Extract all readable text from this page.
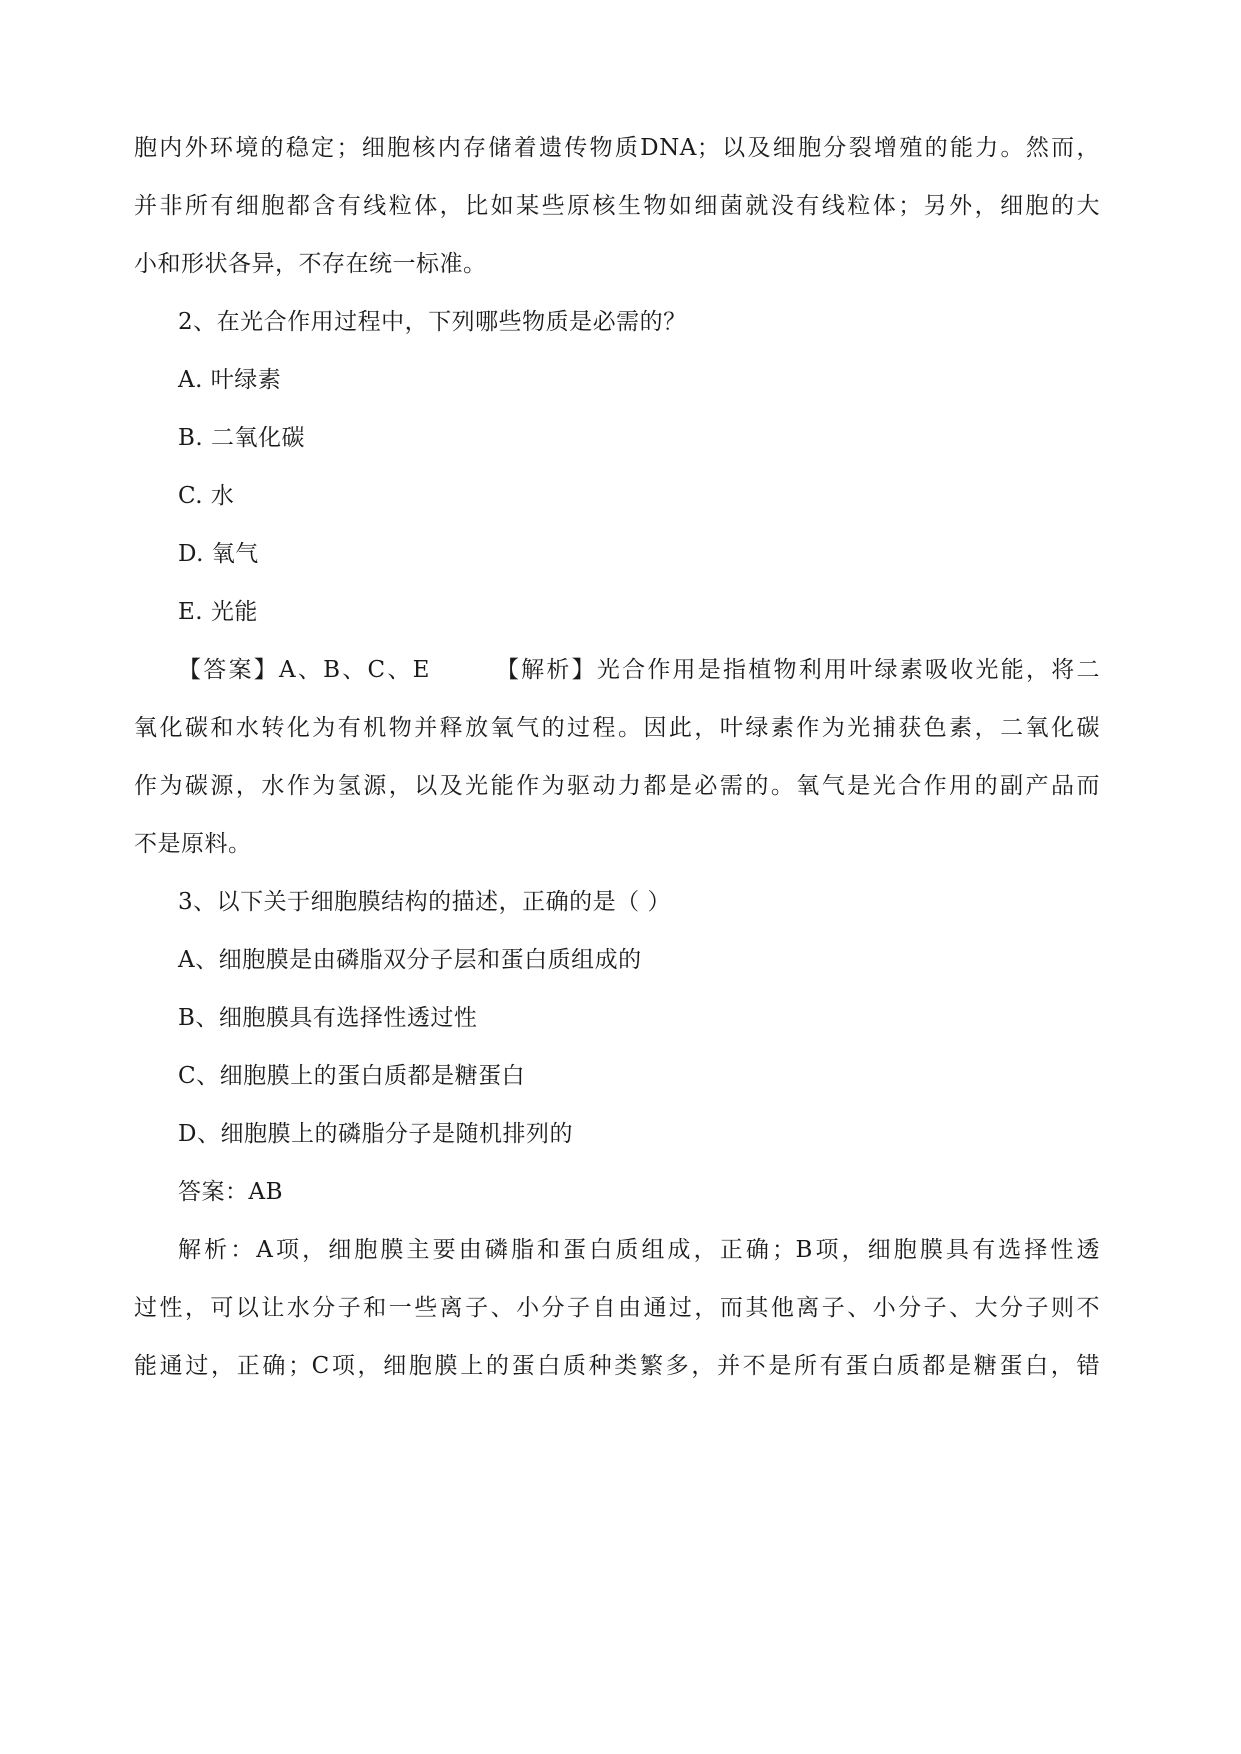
胞内外环境的稳定；细胞核内存储着遗传物质DNA；以及细胞分裂增殖的能力。然而，
并非所有细胞都含有线粒体，比如某些原核生物如细菌就没有线粒体；另外，细胞的大
小和形状各异，不存在统一标准。
2、在光合作用过程中，下列哪些物质是必需的？
A. 叶绿素
B. 二氧化碳
C. 水
D. 氧气
E. 光能
【答案】A、B、C、E　　　【解析】光合作用是指植物利用叶绿素吸收光能，将二
氧化碳和水转化为有机物并释放氧气的过程。因此，叶绿素作为光捕获色素，二氧化碳
作为碳源，水作为氢源，以及光能作为驱动力都是必需的。氧气是光合作用的副产品而
不是原料。
3、以下关于细胞膜结构的描述，正确的是（ ）
A、细胞膜是由磷脂双分子层和蛋白质组成的
B、细胞膜具有选择性透过性
C、细胞膜上的蛋白质都是糖蛋白
D、细胞膜上的磷脂分子是随机排列的
答案：AB
解析：A项，细胞膜主要由磷脂和蛋白质组成，正确；B项，细胞膜具有选择性透
过性，可以让水分子和一些离子、小分子自由通过，而其他离子、小分子、大分子则不
能通过，正确；C项，细胞膜上的蛋白质种类繁多，并不是所有蛋白质都是糖蛋白，错
